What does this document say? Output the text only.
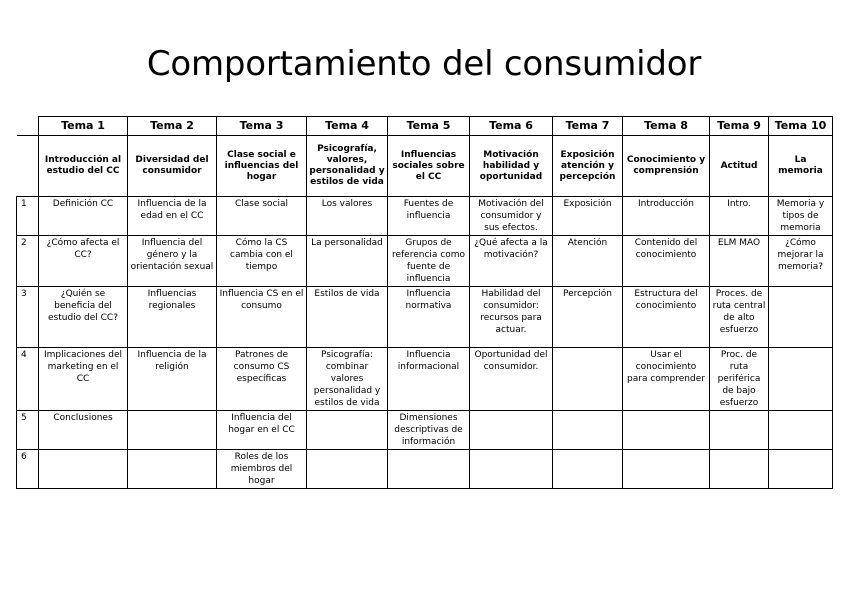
Comportamiento del consumidor
	Tema 1	Tema 2	Tema 3	Tema 4	Tema 5	Tema 6	Tema 7	Tema 8	Tema 9	Tema 10
	Introducción al estudio del CC	Diversidad del consumidor	Clase social e influencias del hogar	Psicografía, valores, personalidad y estilos de vida	Influencias sociales sobre el CC	Motivación habilidad y oportunidad	Exposición atención y percepción	Conocimiento y comprensión	Actitud	La memoria
1	Definición CC	Influencia de la edad en el CC	Clase social	Los valores	Fuentes de influencia	Motivación del consumidor y sus efectos.	Exposición	Introducción	Intro.	Memoria y tipos de memoria
2	¿Cómo afecta el CC?	Influencia del género y la orientación sexual	Cómo la CS cambia con el tiempo	La personalidad	Grupos de referencia como fuente de influencia	¿Qué afecta a la motivación?	Atención	Contenido del conocimiento	ELM MAO	¿Cómo mejorar la memoria?
3	¿Quién se beneficia del estudio del CC?	Influencias regionales	Influencia CS en el consumo	Estilos de vida	Influencia normativa	Habilidad del consumidor: recursos para actuar.	Percepción	Estructura del conocimiento	Proces. de ruta central de alto esfuerzo	
4	Implicaciones del marketing en el CC	Influencia de la religión	Patrones de consumo CS específicas	Psicografía: combinar valores personalidad y estilos de vida	Influencia informacional	Oportunidad del consumidor.		Usar el conocimiento para comprender	Proc. de ruta periférica de bajo esfuerzo	
5	Conclusiones		Influencia del hogar en el CC		Dimensiones descriptivas de información					
6			Roles de los miembros del hogar							
